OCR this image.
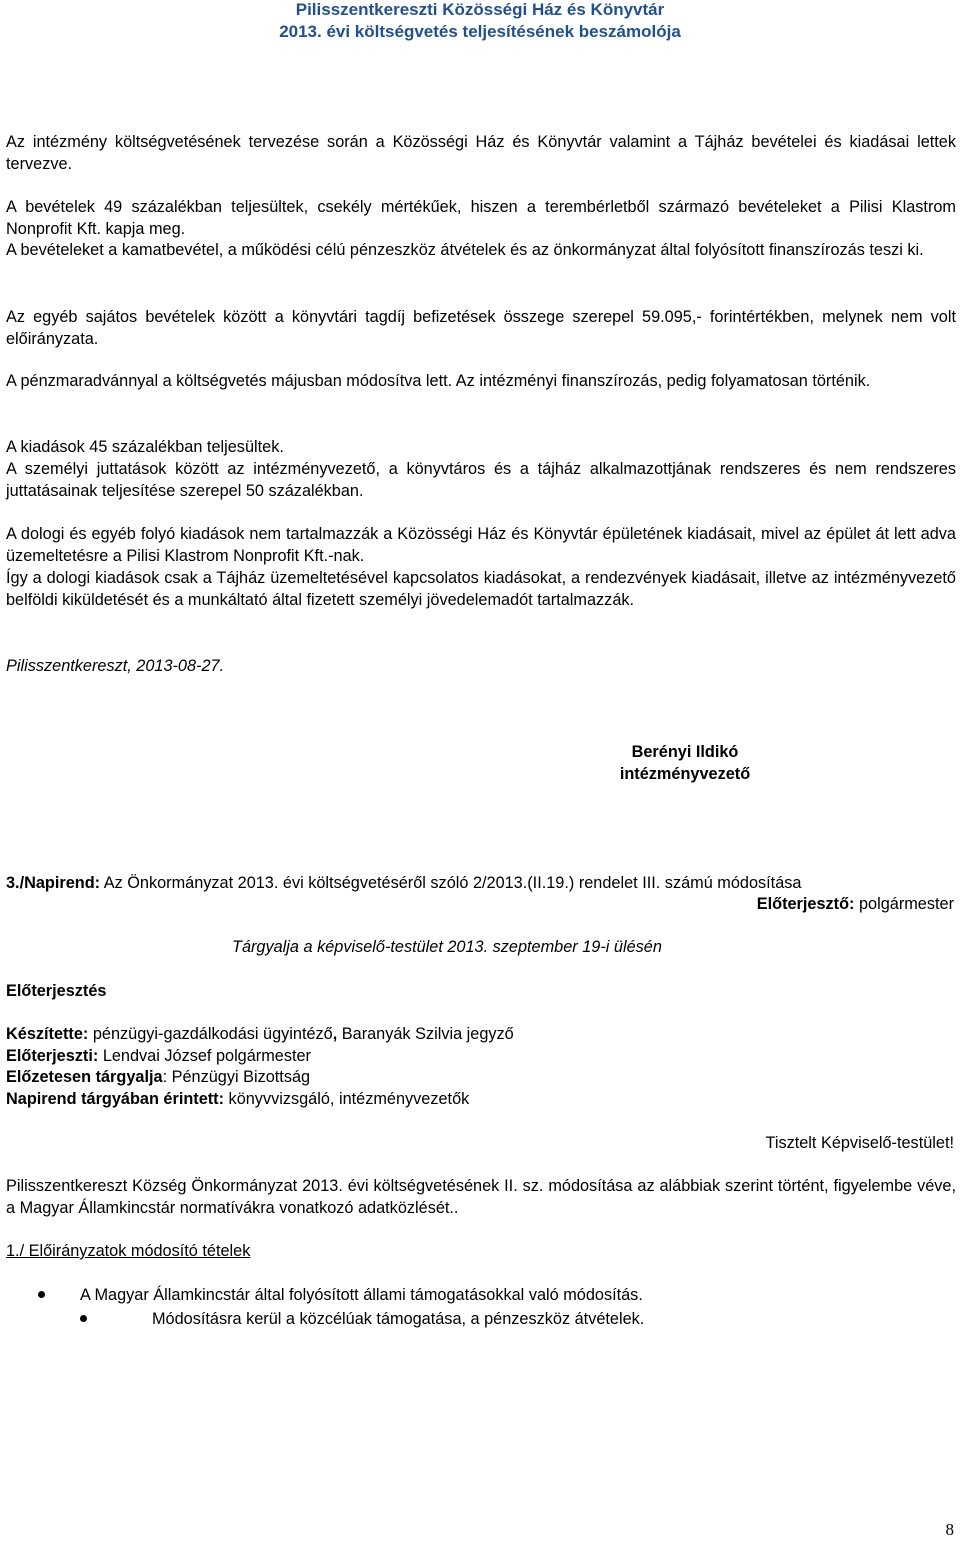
Pilisszentkereszti Közösségi Ház és Könyvtár
2013. évi költségvetés teljesítésének beszámolója
Az intézmény költségvetésének tervezése során a Közösségi Ház és Könyvtár valamint a Tájház bevételei és kiadásai lettek tervezve.
A bevételek 49 százalékban teljesültek, csekély mértékűek, hiszen a terembérletből származó bevételeket a Pilisi Klastrom Nonprofit Kft. kapja meg.
A bevételeket a kamatbevétel, a működési célú pénzeszköz átvételek és az önkormányzat által folyósított finanszírozás teszi ki.
Az egyéb sajátos bevételek között a könyvtári tagdíj befizetések összege szerepel 59.095,- forintértékben, melynek nem volt előirányzata.
A pénzmaradvánnyal a költségvetés májusban módosítva lett. Az intézményi finanszírozás, pedig folyamatosan történik.
A kiadások 45 százalékban teljesültek.
A személyi juttatások között az intézményvezető, a könyvtáros és a tájház alkalmazottjának rendszeres és nem rendszeres juttatásainak teljesítése szerepel 50 százalékban.
A dologi és egyéb folyó kiadások nem tartalmazzák a Közösségi Ház és Könyvtár épületének kiadásait, mivel az épület át lett adva üzemeltetésre a Pilisi Klastrom Nonprofit Kft.-nak.
Így a dologi kiadások csak a Tájház üzemeltetésével kapcsolatos kiadásokat, a rendezvények kiadásait, illetve az intézményvezető belföldi kiküldetését és a munkáltató által fizetett személyi jövedelemadót tartalmazzák.
Pilisszentkereszt, 2013-08-27.
Berényi Ildikó
intézményvezető
3./Napirend: Az Önkormányzat 2013. évi költségvetéséről szóló 2/2013.(II.19.) rendelet III. számú módosítása
Előterjesztő: polgármester
Tárgyalja a képviselő-testület 2013. szeptember 19-i ülésén
Előterjesztés
Készítette: pénzügyi-gazdálkodási ügyintéző, Baranyák Szilvia jegyző
Előterjeszti: Lendvai József polgármester
Előzetesen tárgyalja: Pénzügyi Bizottság
Napirend tárgyában érintett: könyvvizsgáló, intézményvezetők
Tisztelt Képviselő-testület!
Pilisszentkereszt Község Önkormányzat 2013. évi költségvetésének II. sz. módosítása az alábbiak szerint történt, figyelembe véve, a Magyar Államkincstár normatívákra vonatkozó adatközlését..
1./ Előirányzatok módosító tételek
A Magyar Államkincstár által folyósított állami támogatásokkal való módosítás.
Módosításra kerül a közcélúak támogatása, a pénzeszköz átvételek.
8
